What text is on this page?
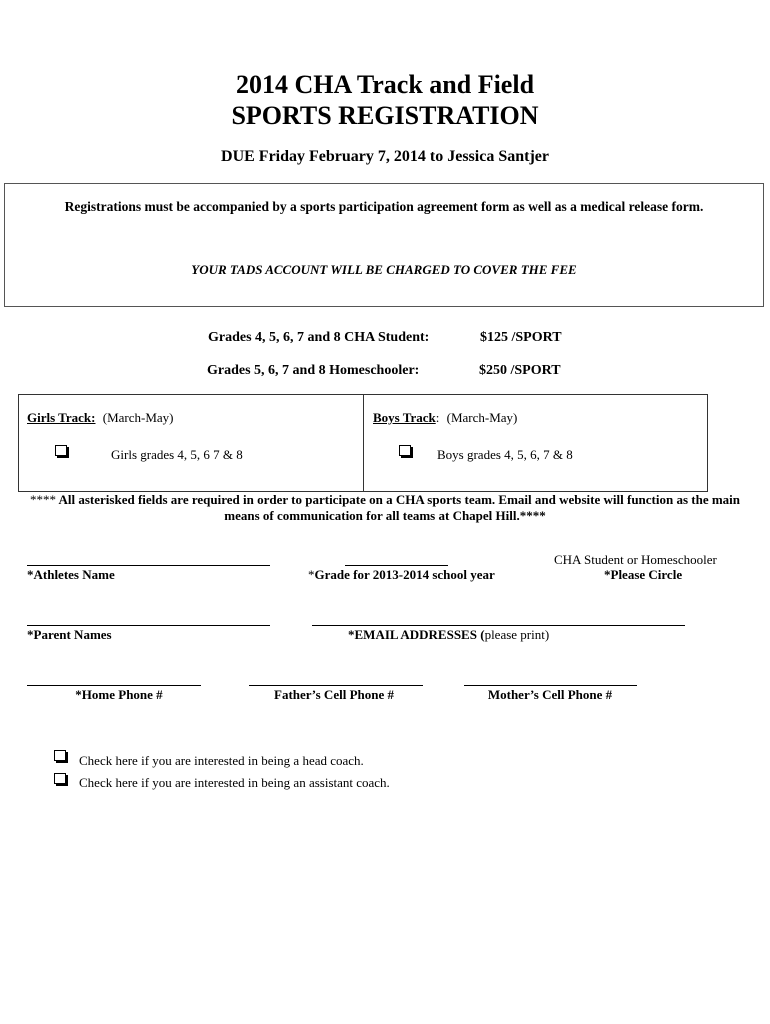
2014 CHA Track and Field
SPORTS REGISTRATION
DUE Friday February 7, 2014 to Jessica Santjer
Registrations must be accompanied by a sports participation agreement form as well as a medical release form.
YOUR TADS ACCOUNT WILL BE CHARGED TO COVER THE FEE
Grades 4, 5, 6, 7 and 8 CHA Student:	$125 /SPORT
Grades 5, 6, 7 and 8 Homeschooler:	$250 /SPORT
Girls Track: (March-May)
Girls grades 4, 5, 6 7 & 8
Boys Track: (March-May)
Boys grades 4, 5, 6, 7 & 8
**** All asterisked fields are required in order to participate on a CHA sports team. Email and website will function as the main means of communication for all teams at Chapel Hill.****
*Athletes Name	*Grade for 2013-2014 school year
CHA Student or Homeschooler
*Please Circle
*Parent Names	*EMAIL ADDRESSES (please print)
*Home Phone #	Father’s Cell Phone #	Mother’s Cell Phone #
Check here if you are interested in being a head coach.
Check here if you are interested in being an assistant coach.
